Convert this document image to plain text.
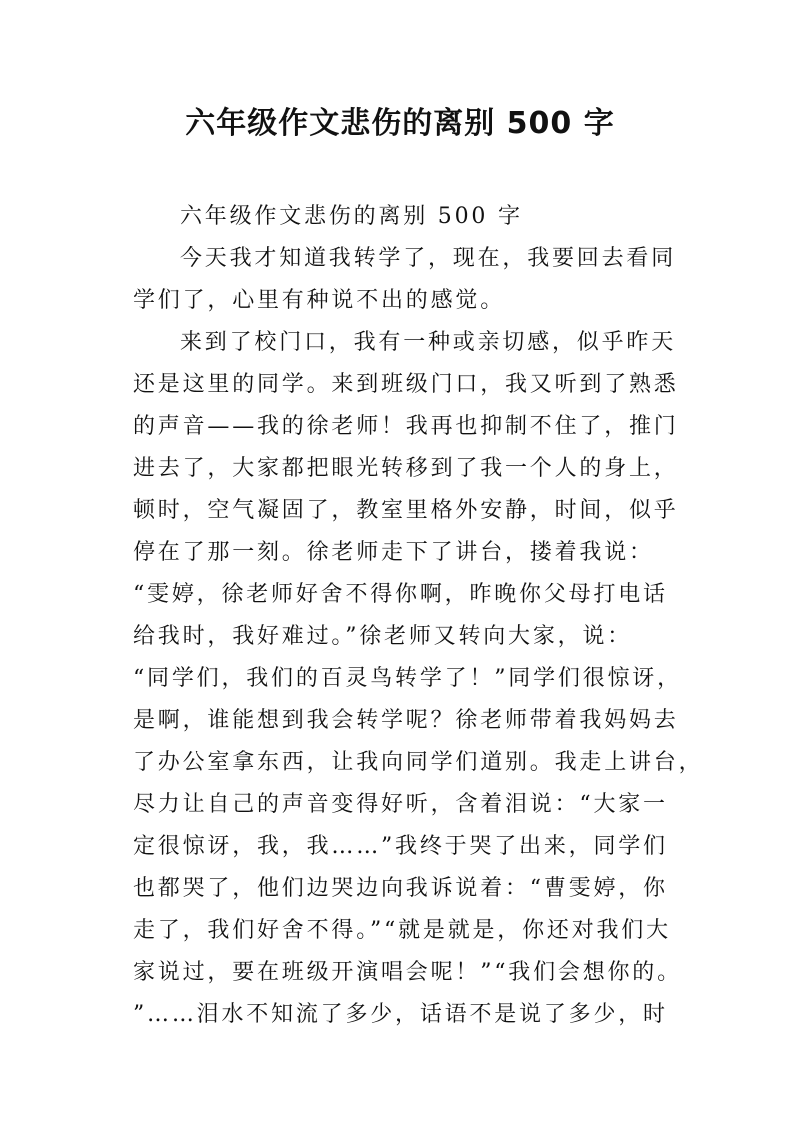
六年级作文悲伤的离别 500 字
六年级作文悲伤的离别 500 字
今天我才知道我转学了，现在，我要回去看同
学们了，心里有种说不出的感觉。
来到了校门口，我有一种或亲切感，似乎昨天
还是这里的同学。来到班级门口，我又听到了熟悉
的声音——我的徐老师！我再也抑制不住了，推门
进去了，大家都把眼光转移到了我一个人的身上，
顿时，空气凝固了，教室里格外安静，时间，似乎
停在了那一刻。徐老师走下了讲台，搂着我说：
“雯婷，徐老师好舍不得你啊，昨晚你父母打电话
给我时，我好难过。”徐老师又转向大家，说：
“同学们，我们的百灵鸟转学了！”同学们很惊讶，
是啊，谁能想到我会转学呢？徐老师带着我妈妈去
了办公室拿东西，让我向同学们道别。我走上讲台，
尽力让自己的声音变得好听，含着泪说：“大家一
定很惊讶，我，我……”我终于哭了出来，同学们
也都哭了，他们边哭边向我诉说着：“曹雯婷，你
走了，我们好舍不得。”“就是就是，你还对我们大
家说过，要在班级开演唱会呢！”“我们会想你的。
”……泪水不知流了多少，话语不是说了多少，时
